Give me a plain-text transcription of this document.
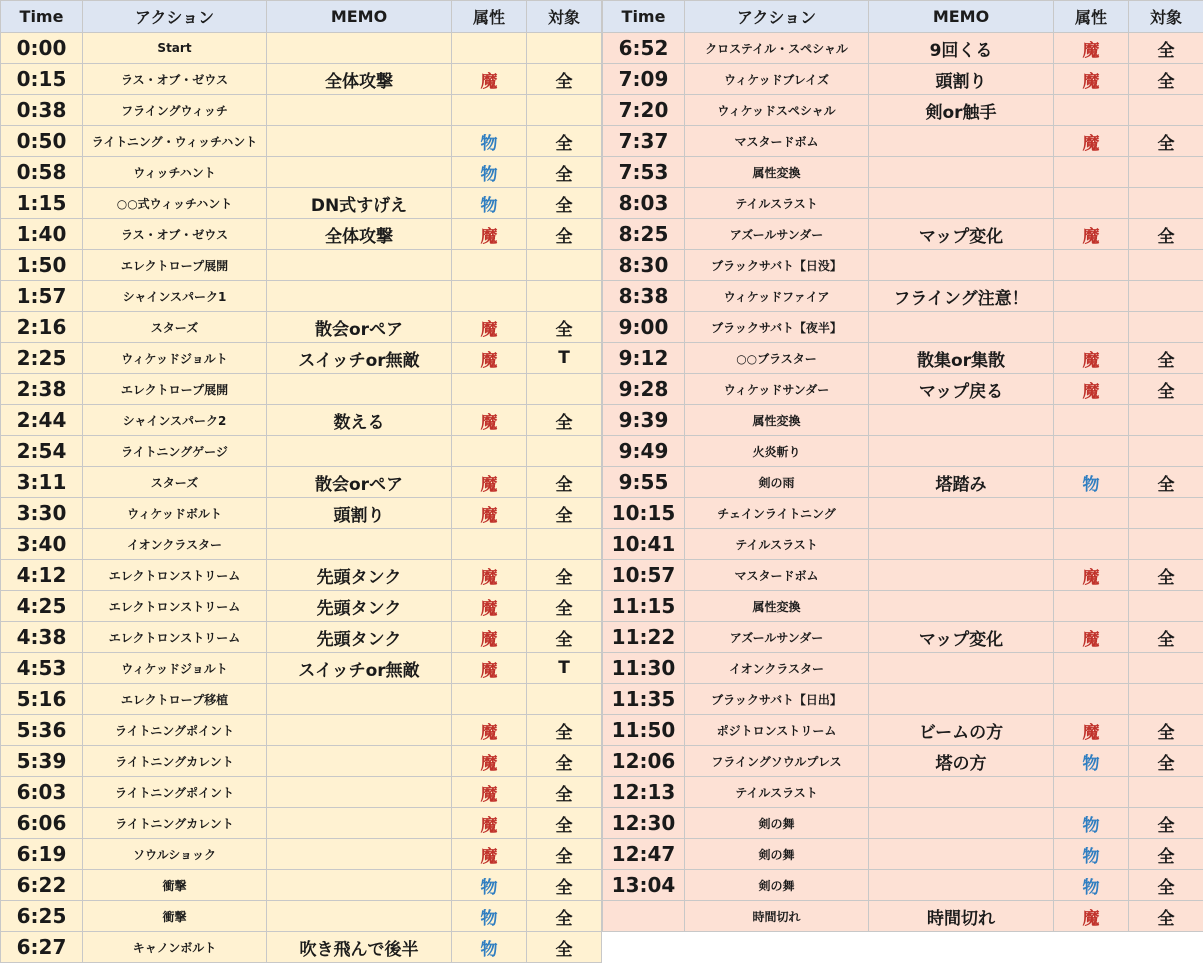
Time	アクション	MEMO	属性	対象
0:00	Start			
0:15	ラス・オブ・ゼウス	全体攻撃	魔	全
0:38	フライングウィッチ			
0:50	ライトニング・ウィッチハント		物	全
0:58	ウィッチハント		物	全
1:15	○○式ウィッチハント	DN式すげえ	物	全
1:40	ラス・オブ・ゼウス	全体攻撃	魔	全
1:50	エレクトロープ展開			
1:57	シャインスパーク1			
2:16	スターズ	散会orペア	魔	全
2:25	ウィケッドジョルト	スイッチor無敵	魔	T
2:38	エレクトロープ展開			
2:44	シャインスパーク2	数える	魔	全
2:54	ライトニングゲージ			
3:11	スターズ	散会orペア	魔	全
3:30	ウィケッドボルト	頭割り	魔	全
3:40	イオンクラスター			
4:12	エレクトロンストリーム	先頭タンク	魔	全
4:25	エレクトロンストリーム	先頭タンク	魔	全
4:38	エレクトロンストリーム	先頭タンク	魔	全
4:53	ウィケッドジョルト	スイッチor無敵	魔	T
5:16	エレクトロープ移植			
5:36	ライトニングポイント		魔	全
5:39	ライトニングカレント		魔	全
6:03	ライトニングポイント		魔	全
6:06	ライトニングカレント		魔	全
6:19	ソウルショック		魔	全
6:22	衝撃		物	全
6:25	衝撃		物	全
6:27	キャノンボルト	吹き飛んで後半	物	全
Time	アクション	MEMO	属性	対象
6:52	クロステイル・スペシャル	9回くる	魔	全
7:09	ウィケッドブレイズ	頭割り	魔	全
7:20	ウィケッドスペシャル	剣or触手		
7:37	マスタードボム		魔	全
7:53	属性変換			
8:03	テイルスラスト			
8:25	アズールサンダー	マップ変化	魔	全
8:30	ブラックサバト【日没】			
8:38	ウィケッドファイア	フライング注意！		
9:00	ブラックサバト【夜半】			
9:12	○○ブラスター	散集or集散	魔	全
9:28	ウィケッドサンダー	マップ戻る	魔	全
9:39	属性変換			
9:49	火炎斬り			
9:55	剣の雨	塔踏み	物	全
10:15	チェインライトニング			
10:41	テイルスラスト			
10:57	マスタードボム		魔	全
11:15	属性変換			
11:22	アズールサンダー	マップ変化	魔	全
11:30	イオンクラスター			
11:35	ブラックサバト【日出】			
11:50	ポジトロンストリーム	ビームの方	魔	全
12:06	フライングソウルプレス	塔の方	物	全
12:13	テイルスラスト			
12:30	剣の舞		物	全
12:47	剣の舞		物	全
13:04	剣の舞		物	全
	時間切れ	時間切れ	魔	全
